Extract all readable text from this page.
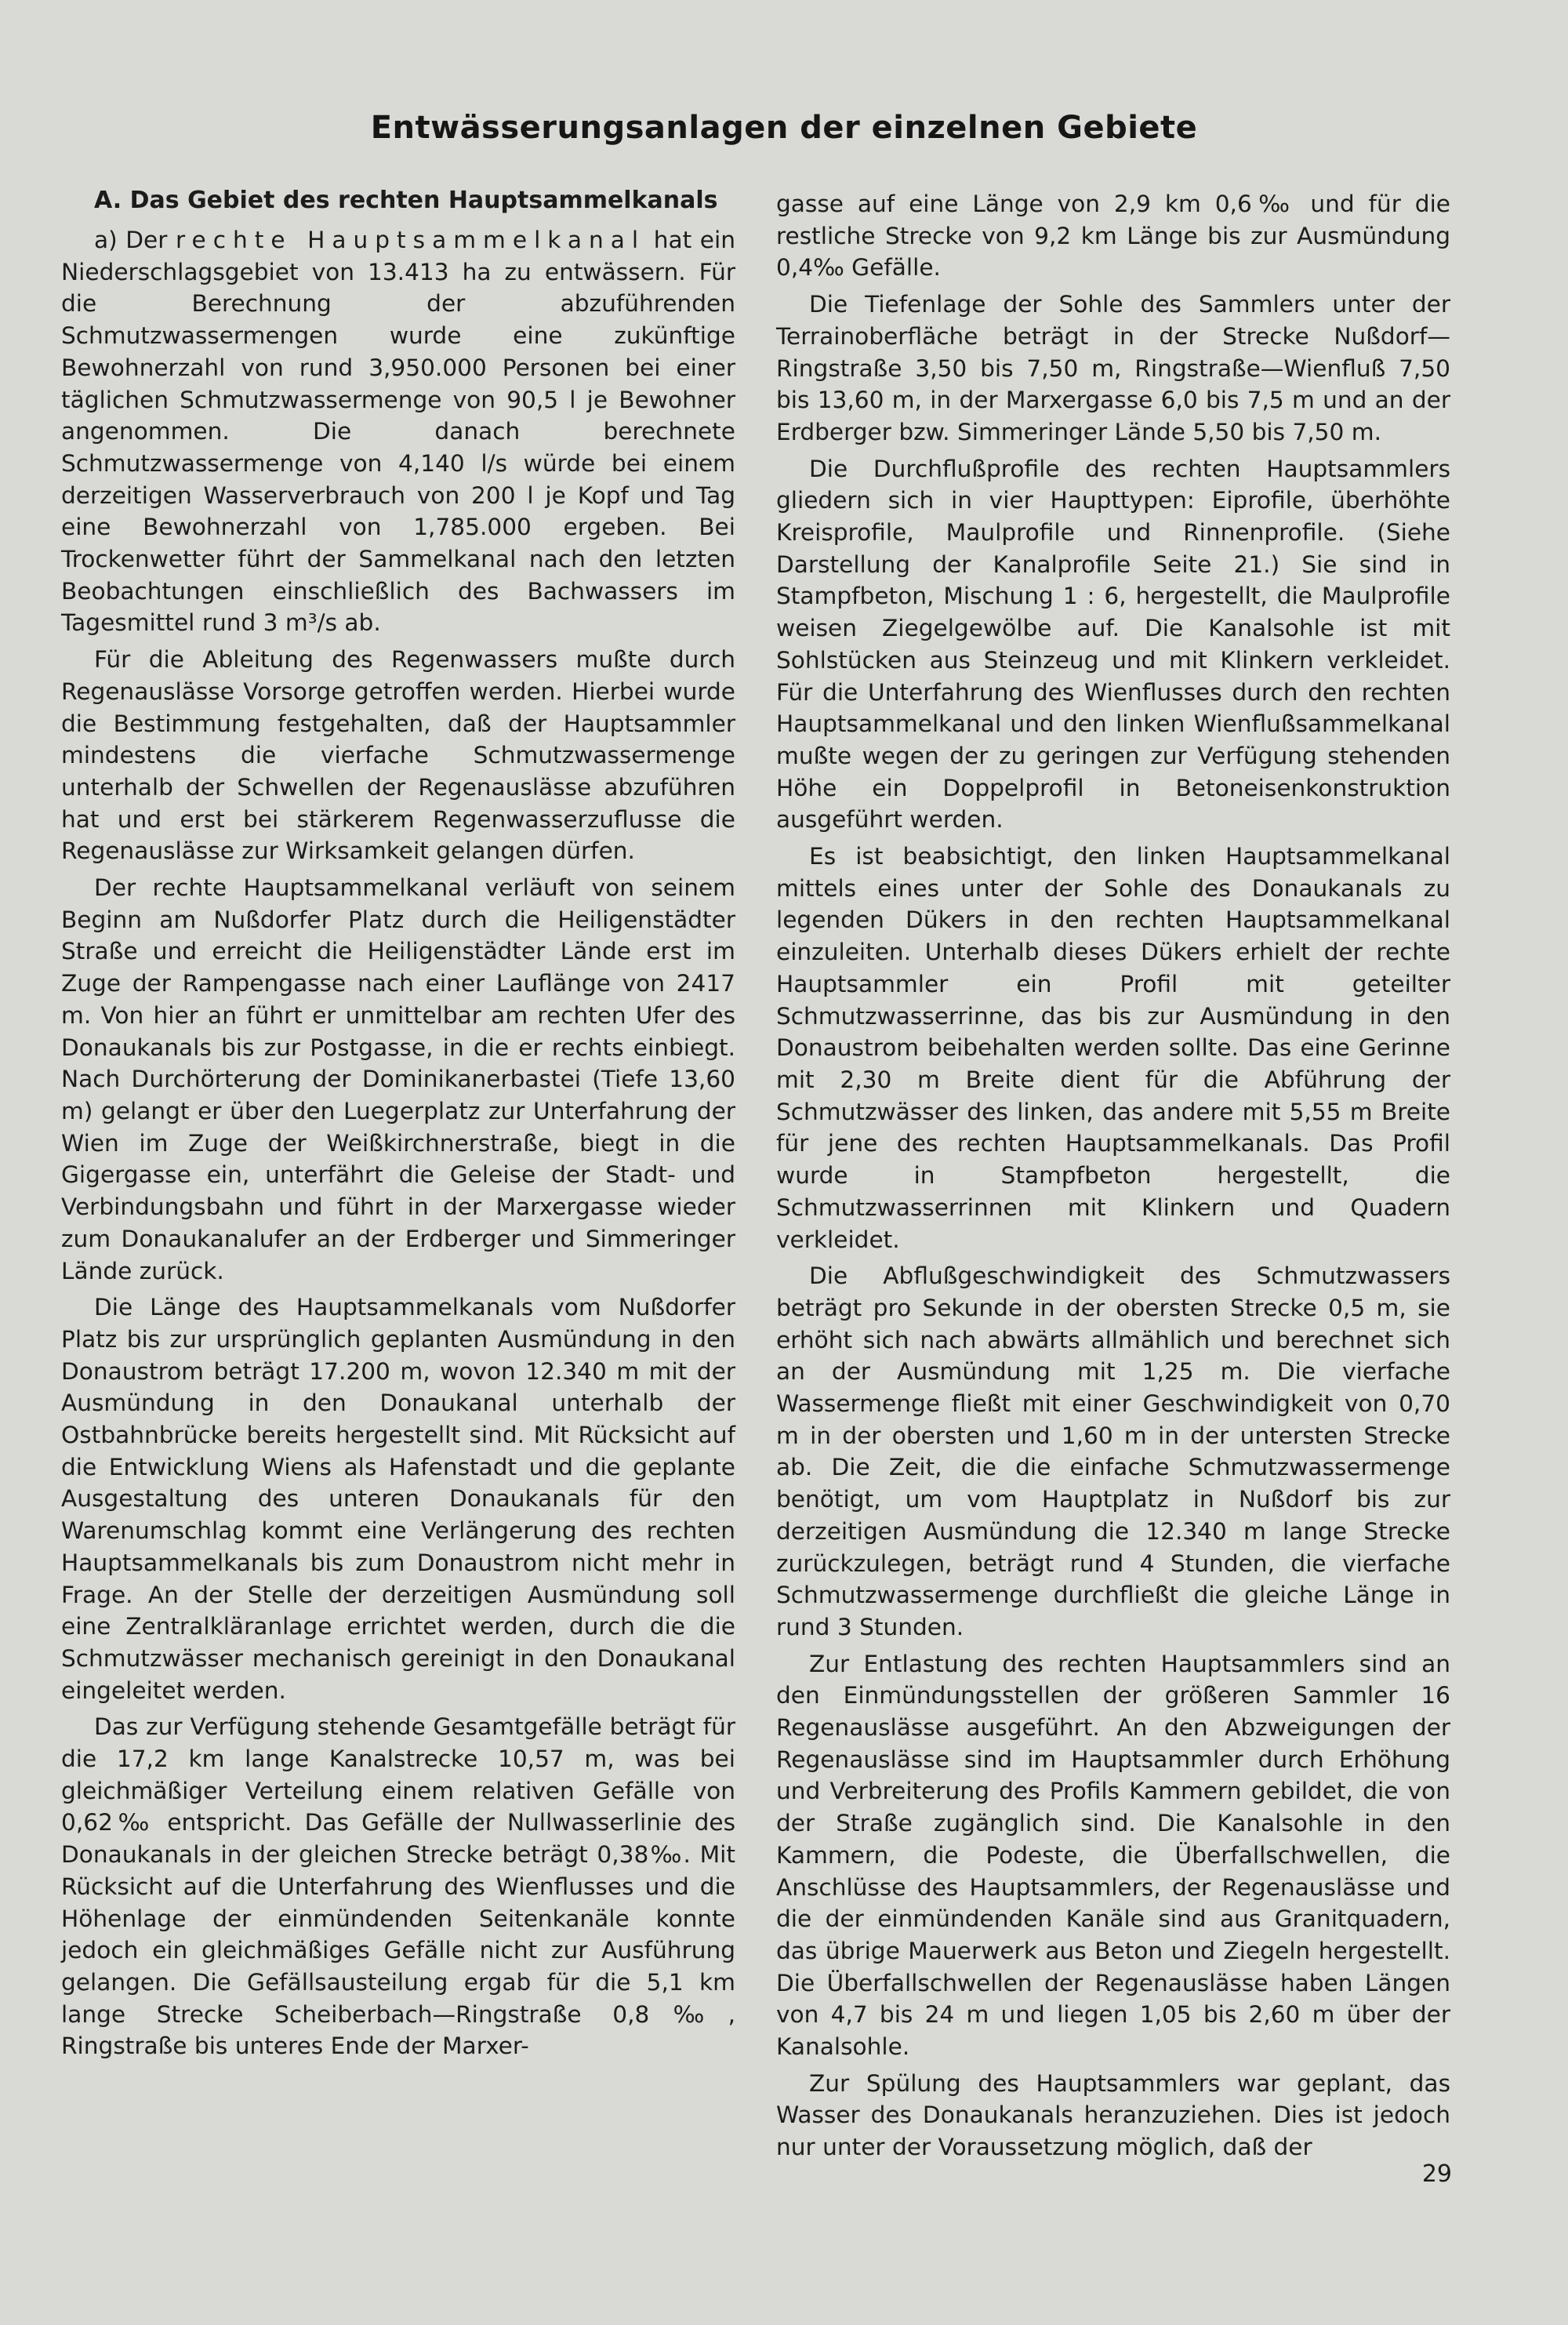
Entwässerungsanlagen der einzelnen Gebiete
A. Das Gebiet des rechten Hauptsammelkanals

a) Der rechte Hauptsammelkanal hat ein Niederschlagsgebiet von 13.413 ha zu entwässern. Für die Berechnung der abzuführenden Schmutzwassermengen wurde eine zukünftige Bewohnerzahl von rund 3,950.000 Personen bei einer täglichen Schmutzwassermenge von 90,5 l je Bewohner angenommen. Die danach berechnete Schmutzwassermenge von 4,140 l/s würde bei einem derzeitigen Wasserverbrauch von 200 l je Kopf und Tag eine Bewohnerzahl von 1,785.000 ergeben. Bei Trockenwetter führt der Sammelkanal nach den letzten Beobachtungen einschließlich des Bachwassers im Tagesmittel rund 3 m³/s ab.

Für die Ableitung des Regenwassers mußte durch Regenauslässe Vorsorge getroffen werden. Hierbei wurde die Bestimmung festgehalten, daß der Hauptsammler mindestens die vierfache Schmutzwassermenge unterhalb der Schwellen der Regenauslässe abzuführen hat und erst bei stärkerem Regenwasserzuflusse die Regenauslässe zur Wirksamkeit gelangen dürfen.

Der rechte Hauptsammelkanal verläuft von seinem Beginn am Nußdorfer Platz durch die Heiligenstädter Straße und erreicht die Heiligenstädter Lände erst im Zuge der Rampengasse nach einer Lauflänge von 2417 m. Von hier an führt er unmittelbar am rechten Ufer des Donaukanals bis zur Postgasse, in die er rechts einbiegt. Nach Durchörterung der Dominikanerbastei (Tiefe 13,60 m) gelangt er über den Luegerplatz zur Unterfahrung der Wien im Zuge der Weißkirchnerstraße, biegt in die Gigergasse ein, unterfährt die Geleise der Stadt- und Verbindungsbahn und führt in der Marxergasse wieder zum Donaukanalufer an der Erdberger und Simmeringer Lände zurück.

Die Länge des Hauptsammelkanals vom Nußdorfer Platz bis zur ursprünglich geplanten Ausmündung in den Donaustrom beträgt 17.200 m, wovon 12.340 m mit der Ausmündung in den Donaukanal unterhalb der Ostbahnbrücke bereits hergestellt sind. Mit Rücksicht auf die Entwicklung Wiens als Hafenstadt und die geplante Ausgestaltung des unteren Donaukanals für den Warenumschlag kommt eine Verlängerung des rechten Hauptsammelkanals bis zum Donaustrom nicht mehr in Frage. An der Stelle der derzeitigen Ausmündung soll eine Zentralkläranlage errichtet werden, durch die die Schmutzwässer mechanisch gereinigt in den Donaukanal eingeleitet werden.

Das zur Verfügung stehende Gesamtgefälle beträgt für die 17,2 km lange Kanalstrecke 10,57 m, was bei gleichmäßiger Verteilung einem relativen Gefälle von 0,62‰ entspricht. Das Gefälle der Nullwasserlinie des Donaukanals in der gleichen Strecke beträgt 0,38‰. Mit Rücksicht auf die Unterfahrung des Wienflusses und die Höhenlage der einmündenden Seitenkanäle konnte jedoch ein gleichmäßiges Gefälle nicht zur Ausführung gelangen. Die Gefällsausteilung ergab für die 5,1 km lange Strecke Scheiberbach—Ringstraße 0,8‰, Ringstraße bis unteres Ende der Marxer-

gasse auf eine Länge von 2,9 km 0,6‰ und für die restliche Strecke von 9,2 km Länge bis zur Ausmündung 0,4‰ Gefälle.

Die Tiefenlage der Sohle des Sammlers unter der Terrainoberfläche beträgt in der Strecke Nußdorf—Ringstraße 3,50 bis 7,50 m, Ringstraße—Wienfluß 7,50 bis 13,60 m, in der Marxergasse 6,0 bis 7,5 m und an der Erdberger bzw. Simmeringer Lände 5,50 bis 7,50 m.

Die Durchflußprofile des rechten Hauptsammlers gliedern sich in vier Haupttypen: Eiprofile, überhöhte Kreisprofile, Maulprofile und Rinnenprofile. (Siehe Darstellung der Kanalprofile Seite 21.) Sie sind in Stampfbeton, Mischung 1 : 6, hergestellt, die Maulprofile weisen Ziegelgewölbe auf. Die Kanalsohle ist mit Sohlstücken aus Steinzeug und mit Klinkern verkleidet. Für die Unterfahrung des Wienflusses durch den rechten Hauptsammelkanal und den linken Wienflußsammelkanal mußte wegen der zu geringen zur Verfügung stehenden Höhe ein Doppelprofil in Betoneisenkonstruktion ausgeführt werden.

Es ist beabsichtigt, den linken Hauptsammelkanal mittels eines unter der Sohle des Donaukanals zu legenden Dükers in den rechten Hauptsammelkanal einzuleiten. Unterhalb dieses Dükers erhielt der rechte Hauptsammler ein Profil mit geteilter Schmutzwasserrinne, das bis zur Ausmündung in den Donaustrom beibehalten werden sollte. Das eine Gerinne mit 2,30 m Breite dient für die Abführung der Schmutzwässer des linken, das andere mit 5,55 m Breite für jene des rechten Hauptsammelkanals. Das Profil wurde in Stampfbeton hergestellt, die Schmutzwasserrinnen mit Klinkern und Quadern verkleidet.

Die Abflußgeschwindigkeit des Schmutzwassers beträgt pro Sekunde in der obersten Strecke 0,5 m, sie erhöht sich nach abwärts allmählich und berechnet sich an der Ausmündung mit 1,25 m. Die vierfache Wassermenge fließt mit einer Geschwindigkeit von 0,70 m in der obersten und 1,60 m in der untersten Strecke ab. Die Zeit, die die einfache Schmutzwassermenge benötigt, um vom Hauptplatz in Nußdorf bis zur derzeitigen Ausmündung die 12.340 m lange Strecke zurückzulegen, beträgt rund 4 Stunden, die vierfache Schmutzwassermenge durchfließt die gleiche Länge in rund 3 Stunden.

Zur Entlastung des rechten Hauptsammlers sind an den Einmündungsstellen der größeren Sammler 16 Regenauslässe ausgeführt. An den Abzweigungen der Regenauslässe sind im Hauptsammler durch Erhöhung und Verbreiterung des Profils Kammern gebildet, die von der Straße zugänglich sind. Die Kanalsohle in den Kammern, die Podeste, die Überfallschwellen, die Anschlüsse des Hauptsammlers, der Regenauslässe und die der einmündenden Kanäle sind aus Granitquadern, das übrige Mauerwerk aus Beton und Ziegeln hergestellt. Die Überfallschwellen der Regenauslässe haben Längen von 4,7 bis 24 m und liegen 1,05 bis 2,60 m über der Kanalsohle.

Zur Spülung des Hauptsammlers war geplant, das Wasser des Donaukanals heranzuziehen. Dies ist jedoch nur unter der Voraussetzung möglich, daß der

29
